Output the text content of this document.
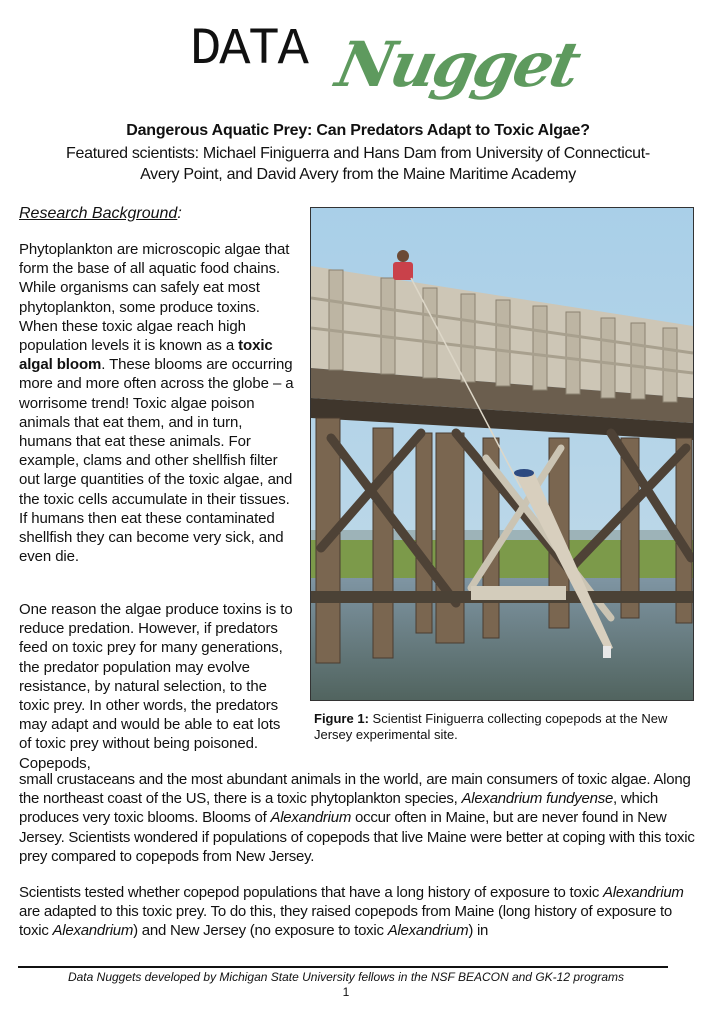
DATA Nugget
Dangerous Aquatic Prey: Can Predators Adapt to Toxic Algae?
Featured scientists: Michael Finiguerra and Hans Dam from University of Connecticut-
Avery Point, and David Avery from the Maine Maritime Academy
Research Background:
Phytoplankton are microscopic algae that form the base of all aquatic food chains. While organisms can safely eat most phytoplankton, some produce toxins. When these toxic algae reach high population levels it is known as a toxic algal bloom. These blooms are occurring more and more often across the globe – a worrisome trend! Toxic algae poison animals that eat them, and in turn, humans that eat these animals. For example, clams and other shellfish filter out large quantities of the toxic algae, and the toxic cells accumulate in their tissues. If humans then eat these contaminated shellfish they can become very sick, and even die.
One reason the algae produce toxins is to reduce predation. However, if predators feed on toxic prey for many generations, the predator population may evolve resistance, by natural selection, to the toxic prey. In other words, the predators may adapt and would be able to eat lots of toxic prey without being poisoned. Copepods,
small crustaceans and the most abundant animals in the world, are main consumers of toxic algae. Along the northeast coast of the US, there is a toxic phytoplankton species, Alexandrium fundyense, which produces very toxic blooms. Blooms of Alexandrium occur often in Maine, but are never found in New Jersey. Scientists wondered if populations of copepods that live Maine were better at coping with this toxic prey compared to copepods from New Jersey.
Scientists tested whether copepod populations that have a long history of exposure to toxic Alexandrium are adapted to this toxic prey. To do this, they raised copepods from Maine (long history of exposure to toxic Alexandrium) and New Jersey (no exposure to toxic Alexandrium) in
Figure 1: Scientist Finiguerra collecting copepods at the New Jersey experimental site.
Data Nuggets developed by Michigan State University fellows in the NSF BEACON and GK-12 programs
1
